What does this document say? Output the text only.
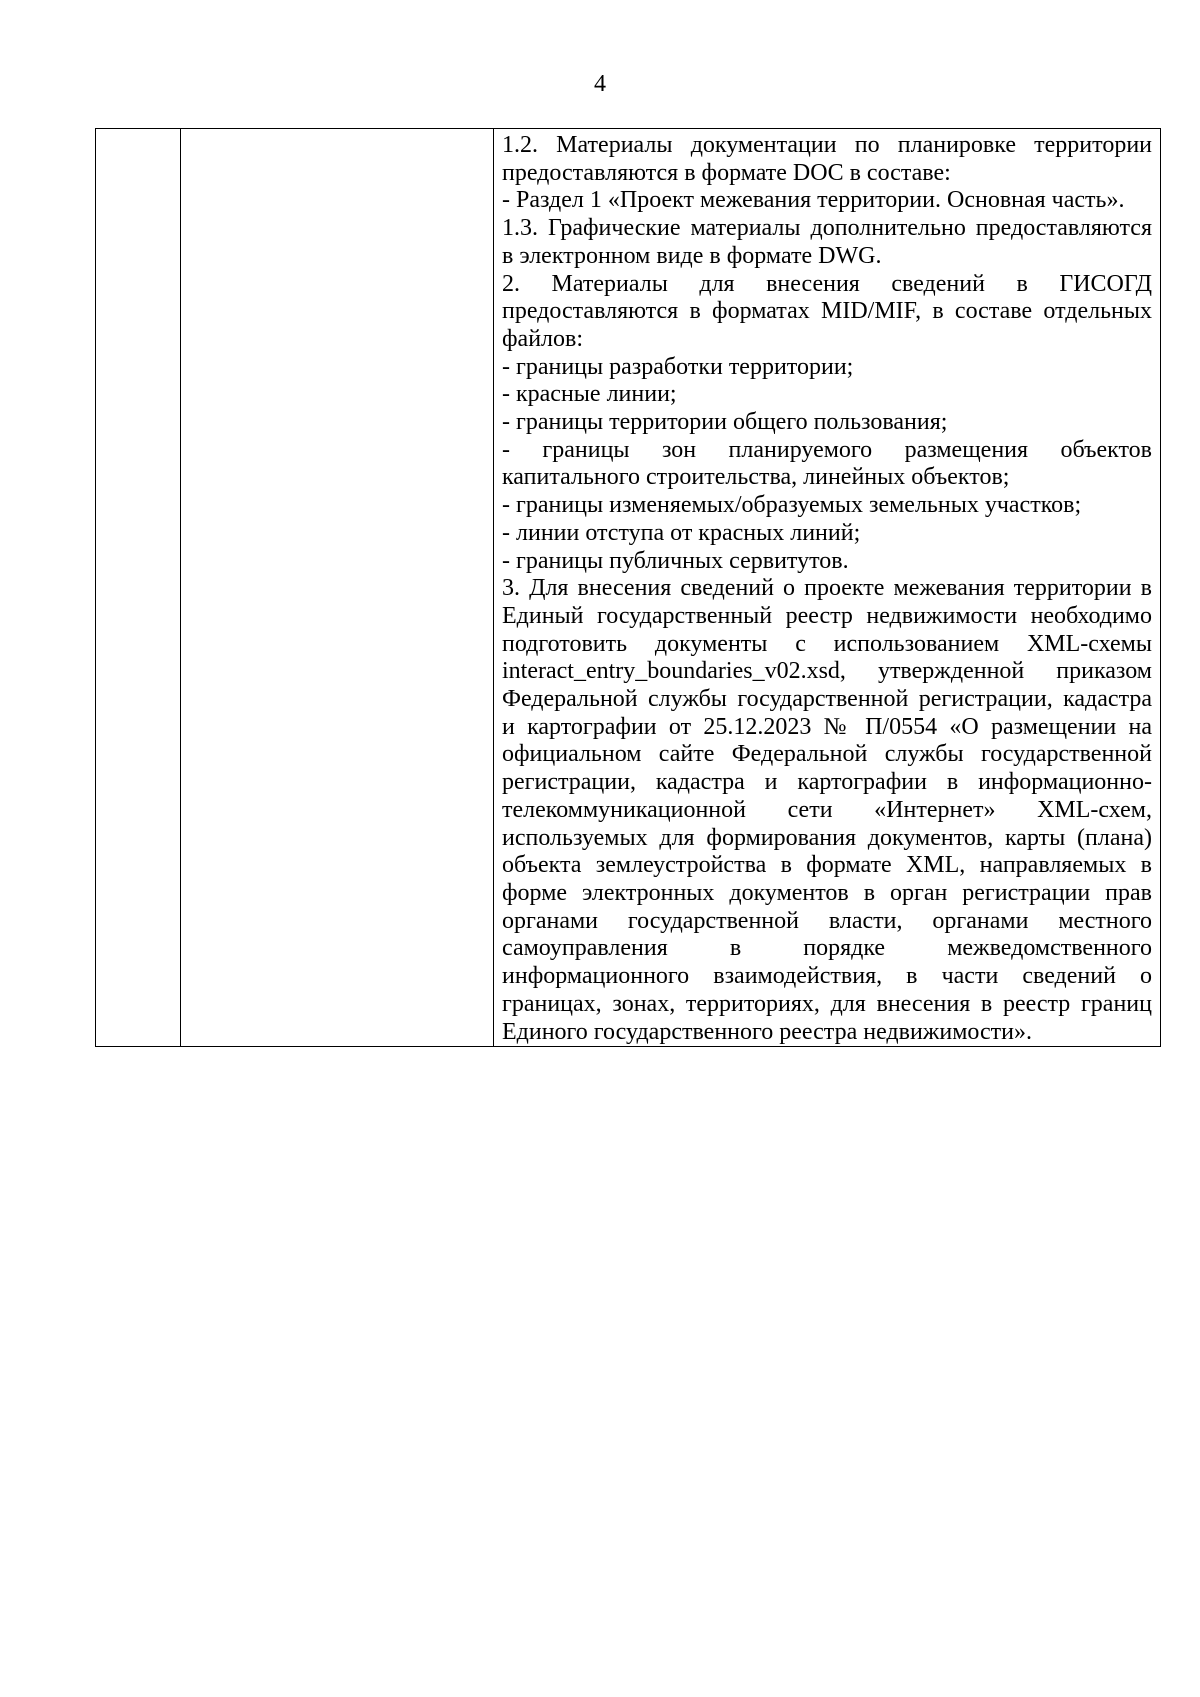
4

1.2. Материалы документации по планировке территории предоставляются в формате DOC в составе:

- Раздел 1 «Проект межевания территории. Основная часть».

1.3. Графические материалы дополнительно предоставляются в электронном виде в формате DWG.

2. Материалы для внесения сведений в ГИСОГД предоставляются в форматах MID/MIF, в составе отдельных файлов:

- границы разработки территории;

- красные линии;

- границы территории общего пользования;

- границы зон планируемого размещения объектов капитального строительства, линейных объектов;

- границы изменяемых/образуемых земельных участков;

- линии отступа от красных линий;

- границы публичных сервитутов.

3. Для внесения сведений о проекте межевания территории в Единый государственный реестр недвижимости необходимо подготовить документы с использованием XML-схемы interact_entry_boundaries_v02.xsd, утвержденной приказом Федеральной службы государственной регистрации, кадастра и картографии от 25.12.2023 № П/0554 «О размещении на официальном сайте Федеральной службы государственной регистрации, кадастра и картографии в информационно-телекоммуникационной сети «Интернет» XML-схем, используемых для формирования документов, карты (плана) объекта землеустройства в формате XML, направляемых в форме электронных документов в орган регистрации прав органами государственной власти, органами местного самоуправления в порядке межведомственного информационного взаимодействия, в части сведений о границах, зонах, территориях, для внесения в реестр границ Единого государственного реестра недвижимости».
